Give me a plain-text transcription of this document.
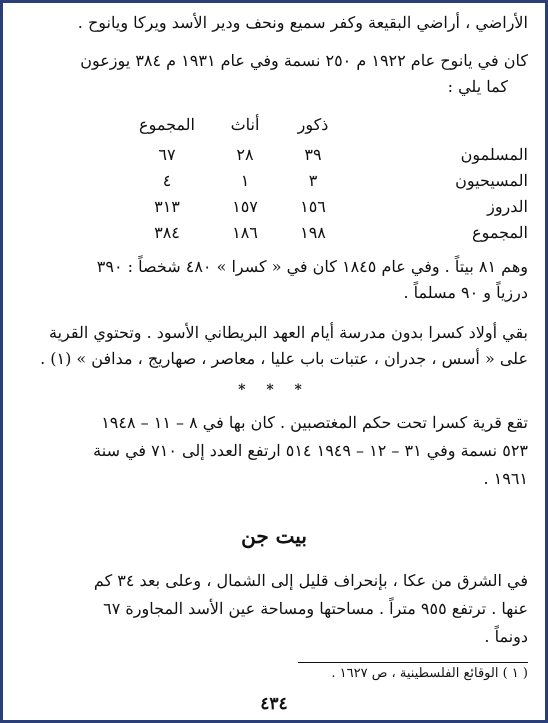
الأراضي ، أراضي البقيعة وكفر سميع ونحف ودير الأسد ويركا ويانوح .
كان في يانوح عام ١٩٢٢ م ٢٥٠ نسمة وفي عام ١٩٣١ م ٣٨٤ يوزعون
كما يلي :
ذكور
أناث
المسلمون
٣٩
٢٨
٦٧
المسيحيون
٣
١
٤
الدروز
١٥٦
١٥٧
٣١٣
المجموع
١٩٨
١٨٦
٣٨٤
المجموع
وهم ٨١ بيتاً . وفي عام ١٨٤٥ كان في « كسرا » ٤٨٠ شخصاً : ٣٩٠
درزياً و ٩٠ مسلماً .
بقي أولاد كسرا بدون مدرسة أيام العهد البريطاني الأسود . وتحتوي القرية
على « أسس ، جدران ، عتبات باب عليا ، معاصر ، صهاريج ، مدافن » (١) .
* * *
تقع قرية كسرا تحت حكم المغتصبين . كان بها في ٨ – ١١ – ١٩٤٨
٥٢٣ نسمة وفي ٣١ – ١٢ – ١٩٤٩ ٥١٤ ارتفع العدد إلى ٧١٠ في سنة
١٩٦١ .
بيت جن
في الشرق من عكا ، بإنحراف قليل إلى الشمال ، وعلى بعد ٣٤ كم
عنها . ترتفع ٩٥٥ متراً . مساحتها ومساحة عين الأسد المجاورة ٦٧
دونماً .
( ١ ) الوقائع الفلسطينية ، ص ١٦٢٧ .
٤٣٤
